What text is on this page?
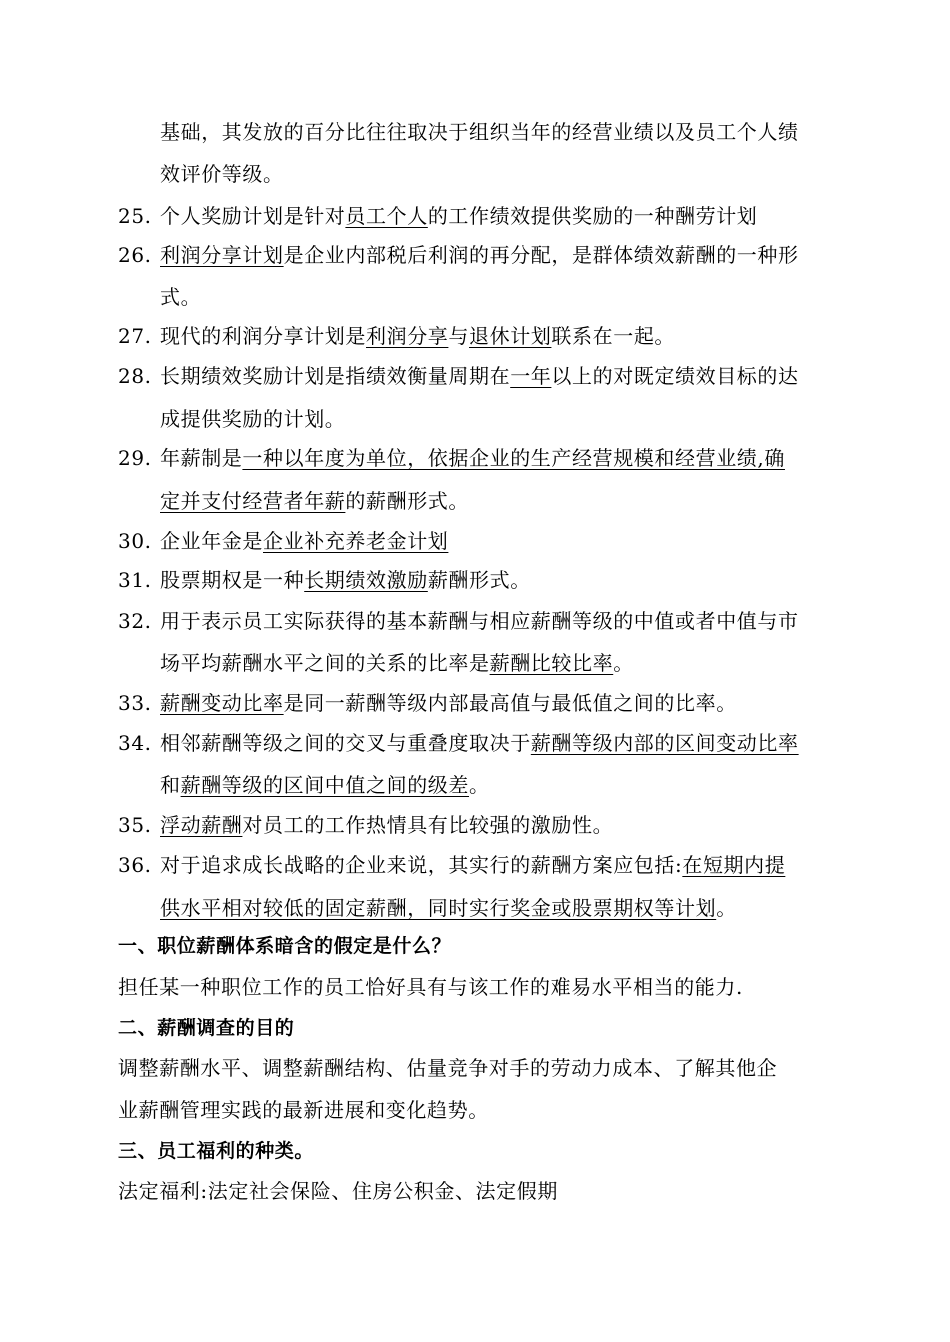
基础，其发放的百分比往往取决于组织当年的经营业绩以及员工个人绩
效评价等级。
25. 个人奖励计划是针对员工个人的工作绩效提供奖励的一种酬劳计划
26. 利润分享计划是企业内部税后利润的再分配，是群体绩效薪酬的一种形
式。
27. 现代的利润分享计划是利润分享与退休计划联系在一起。
28. 长期绩效奖励计划是指绩效衡量周期在一年以上的对既定绩效目标的达
成提供奖励的计划。
29. 年薪制是一种以年度为单位，依据企业的生产经营规模和经营业绩,确
定并支付经营者年薪的薪酬形式。
30. 企业年金是企业补充养老金计划
31. 股票期权是一种长期绩效激励薪酬形式。
32. 用于表示员工实际获得的基本薪酬与相应薪酬等级的中值或者中值与市
场平均薪酬水平之间的关系的比率是薪酬比较比率。
33. 薪酬变动比率是同一薪酬等级内部最高值与最低值之间的比率。
34. 相邻薪酬等级之间的交叉与重叠度取决于薪酬等级内部的区间变动比率
和薪酬等级的区间中值之间的级差。
35. 浮动薪酬对员工的工作热情具有比较强的激励性。
36. 对于追求成长战略的企业来说，其实行的薪酬方案应包括:在短期内提
供水平相对较低的固定薪酬，同时实行奖金或股票期权等计划。
一、职位薪酬体系暗含的假定是什么？
担任某一种职位工作的员工恰好具有与该工作的难易水平相当的能力.
二、薪酬调查的目的
调整薪酬水平、调整薪酬结构、估量竞争对手的劳动力成本、了解其他企
业薪酬管理实践的最新进展和变化趋势。
三、员工福利的种类。
法定福利:法定社会保险、住房公积金、法定假期
